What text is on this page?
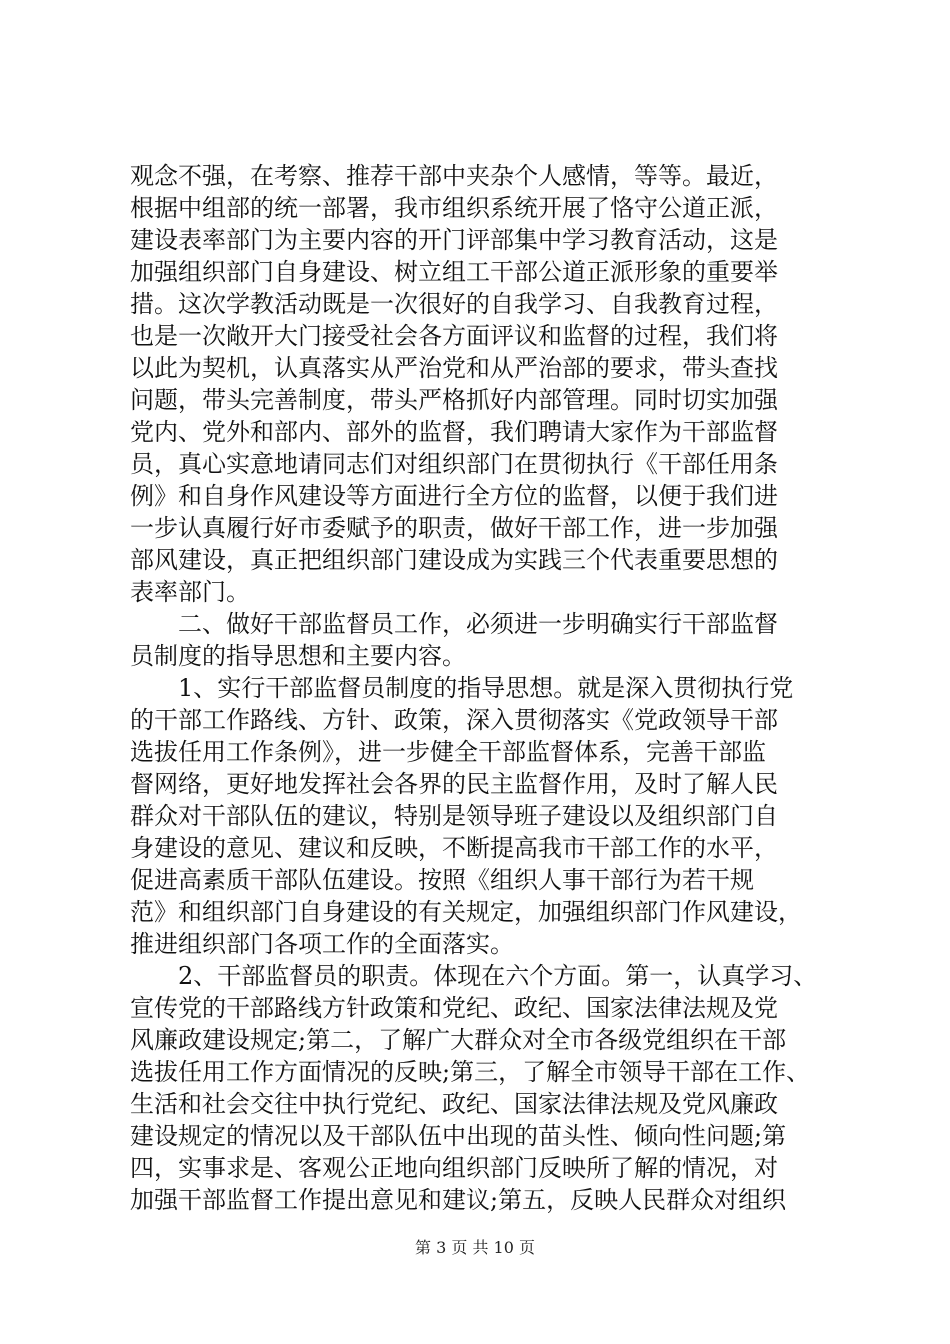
观念不强，在考察、推荐干部中夹杂个人感情，等等。最近，
根据中组部的统一部署，我市组织系统开展了恪守公道正派，
建设表率部门为主要内容的开门评部集中学习教育活动，这是
加强组织部门自身建设、树立组工干部公道正派形象的重要举
措。这次学教活动既是一次很好的自我学习、自我教育过程，
也是一次敞开大门接受社会各方面评议和监督的过程，我们将
以此为契机，认真落实从严治党和从严治部的要求，带头查找
问题，带头完善制度，带头严格抓好内部管理。同时切实加强
党内、党外和部内、部外的监督，我们聘请大家作为干部监督
员，真心实意地请同志们对组织部门在贯彻执行《干部任用条
例》和自身作风建设等方面进行全方位的监督，以便于我们进
一步认真履行好市委赋予的职责，做好干部工作，进一步加强
部风建设，真正把组织部门建设成为实践三个代表重要思想的
表率部门。
　　二、做好干部监督员工作，必须进一步明确实行干部监督
员制度的指导思想和主要内容。
　　1、实行干部监督员制度的指导思想。就是深入贯彻执行党
的干部工作路线、方针、政策，深入贯彻落实《党政领导干部
选拔任用工作条例》，进一步健全干部监督体系，完善干部监
督网络，更好地发挥社会各界的民主监督作用，及时了解人民
群众对干部队伍的建议，特别是领导班子建设以及组织部门自
身建设的意见、建议和反映，不断提高我市干部工作的水平，
促进高素质干部队伍建设。按照《组织人事干部行为若干规
范》和组织部门自身建设的有关规定，加强组织部门作风建设，
推进组织部门各项工作的全面落实。
　　2、干部监督员的职责。体现在六个方面。第一，认真学习、
宣传党的干部路线方针政策和党纪、政纪、国家法律法规及党
风廉政建设规定;第二，了解广大群众对全市各级党组织在干部
选拔任用工作方面情况的反映;第三，了解全市领导干部在工作、
生活和社会交往中执行党纪、政纪、国家法律法规及党风廉政
建设规定的情况以及干部队伍中出现的苗头性、倾向性问题;第
四，实事求是、客观公正地向组织部门反映所了解的情况，对
加强干部监督工作提出意见和建议;第五，反映人民群众对组织
第 3 页 共 10 页
